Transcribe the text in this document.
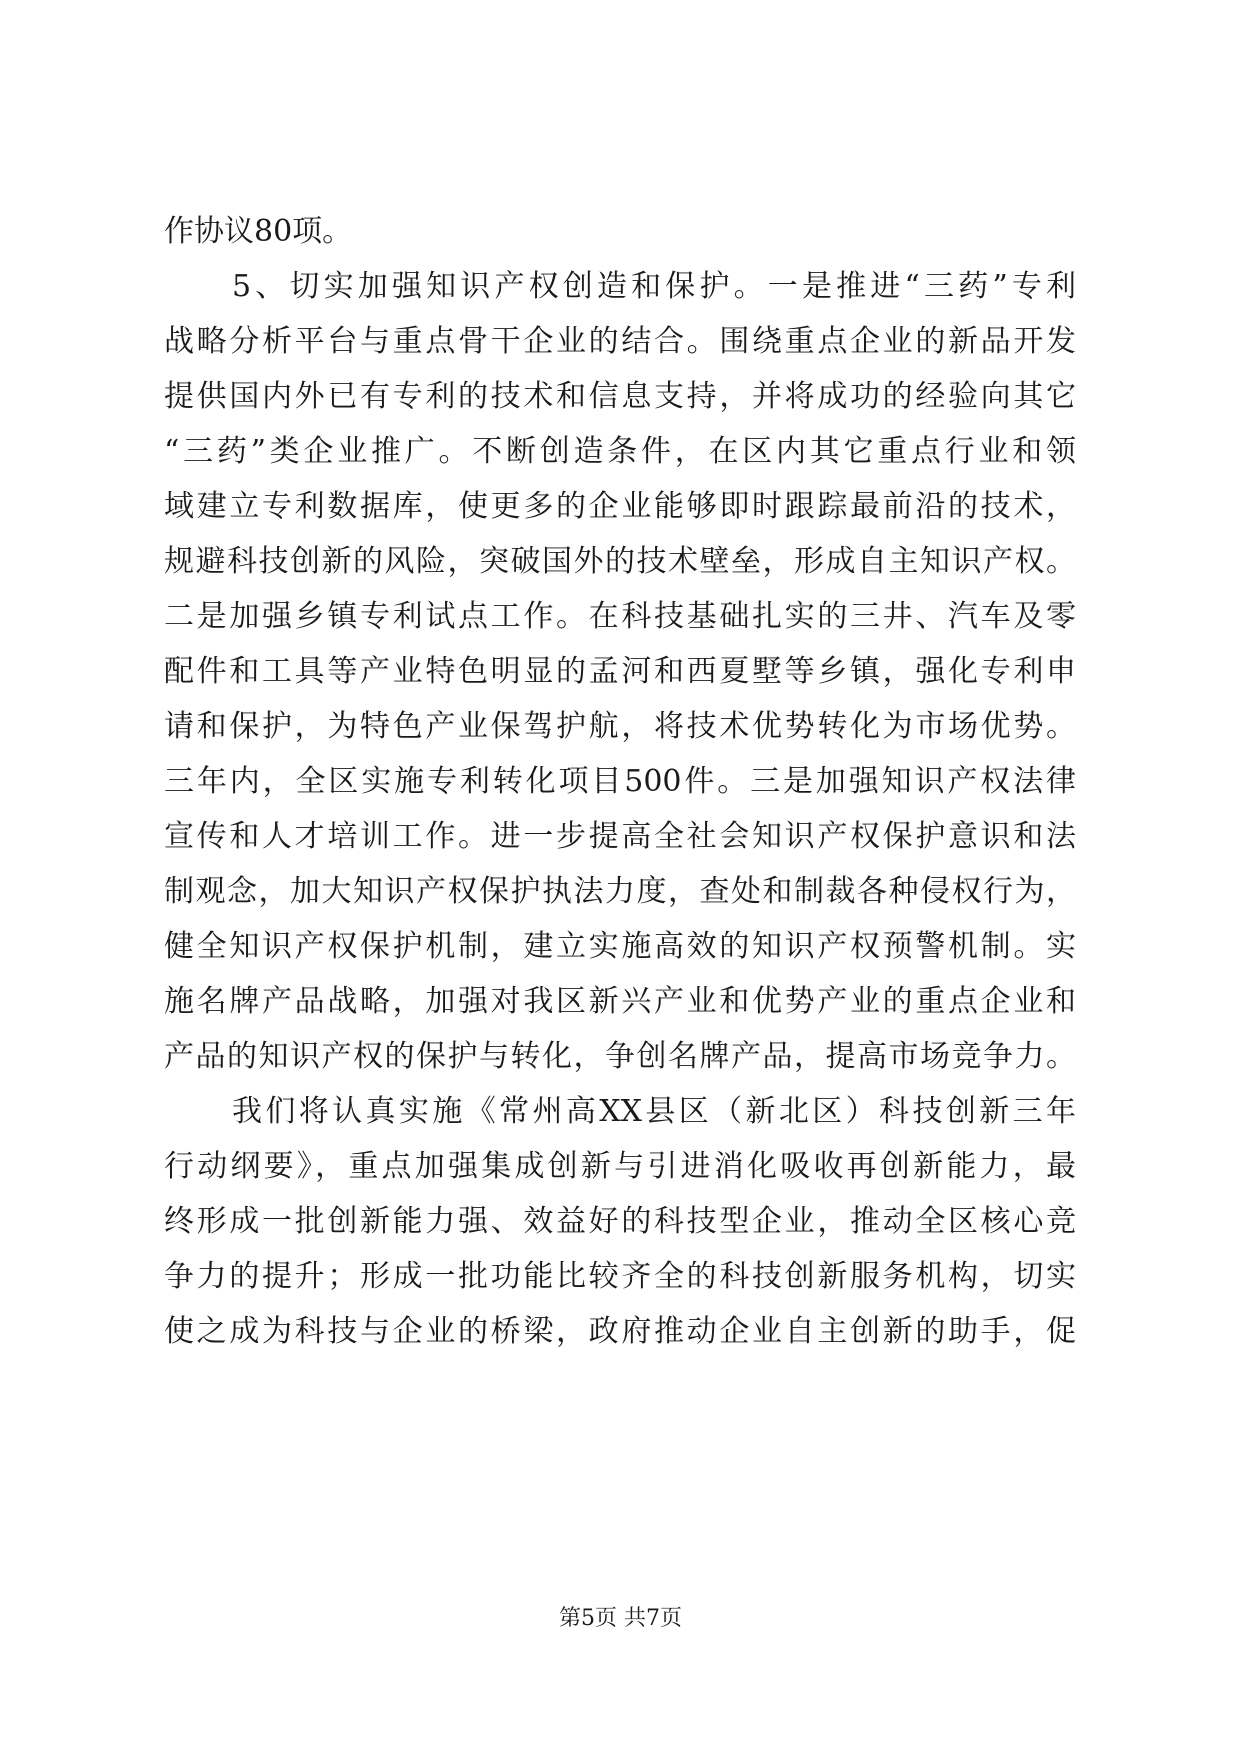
作协议80项。
5、切实加强知识产权创造和保护。一是推进“三药”专利
战略分析平台与重点骨干企业的结合。围绕重点企业的新品开发
提供国内外已有专利的技术和信息支持，并将成功的经验向其它
“三药”类企业推广。不断创造条件，在区内其它重点行业和领
域建立专利数据库，使更多的企业能够即时跟踪最前沿的技术，
规避科技创新的风险，突破国外的技术壁垒，形成自主知识产权。
二是加强乡镇专利试点工作。在科技基础扎实的三井、汽车及零
配件和工具等产业特色明显的孟河和西夏墅等乡镇，强化专利申
请和保护，为特色产业保驾护航，将技术优势转化为市场优势。
三年内，全区实施专利转化项目500件。三是加强知识产权法律
宣传和人才培训工作。进一步提高全社会知识产权保护意识和法
制观念，加大知识产权保护执法力度，查处和制裁各种侵权行为，
健全知识产权保护机制，建立实施高效的知识产权预警机制。实
施名牌产品战略，加强对我区新兴产业和优势产业的重点企业和
产品的知识产权的保护与转化，争创名牌产品，提高市场竞争力。
我们将认真实施《常州高XX县区（新北区）科技创新三年
行动纲要》，重点加强集成创新与引进消化吸收再创新能力，最
终形成一批创新能力强、效益好的科技型企业，推动全区核心竞
争力的提升；形成一批功能比较齐全的科技创新服务机构，切实
使之成为科技与企业的桥梁，政府推动企业自主创新的助手，促
第5页 共7页
